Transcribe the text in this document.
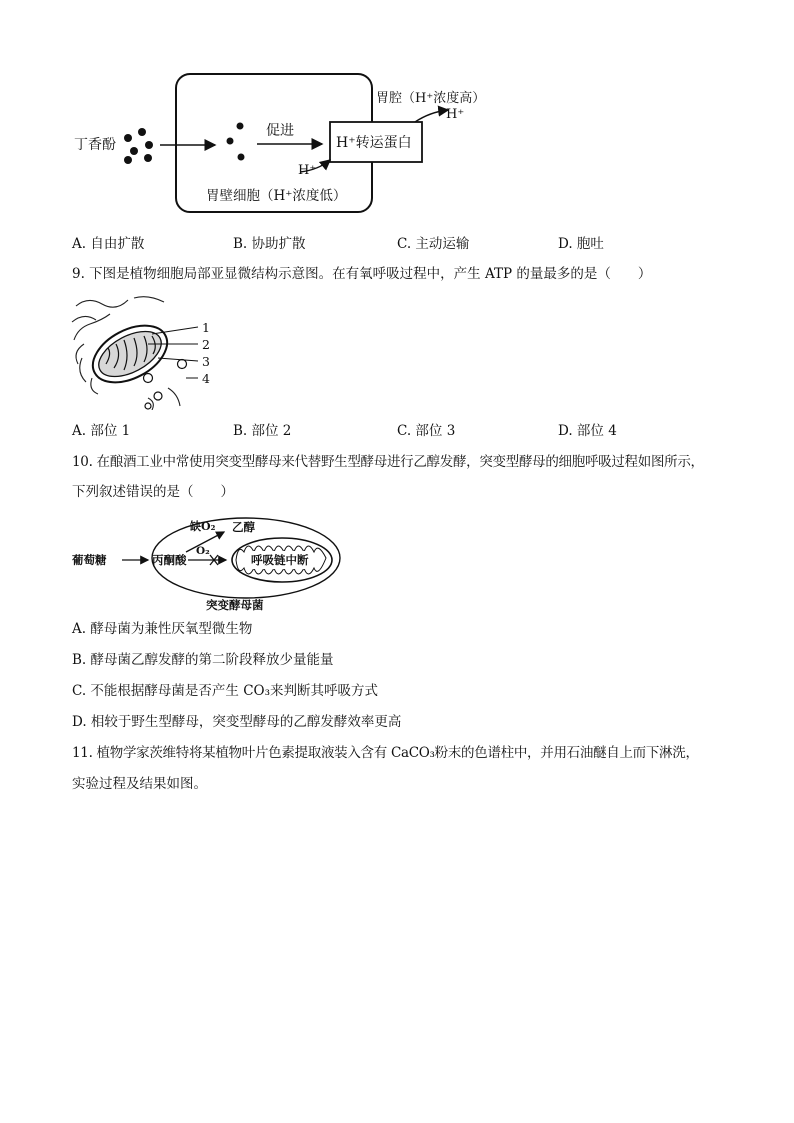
丁香酚
促进
H⁺转运蛋白
胃腔（H⁺浓度高）
H⁺
H⁺
胃壁细胞（H⁺浓度低）
A. 自由扩散	B. 协助扩散	C. 主动运输	D. 胞吐
9. 下图是植物细胞局部亚显微结构示意图。在有氧呼吸过程中，产生 ATP 的量最多的是（　　）
1
2
3
4
A. 部位 1	B. 部位 2	C. 部位 3	D. 部位 4
10. 在酿酒工业中常使用突变型酵母来代替野生型酵母进行乙醇发酵，突变型酵母的细胞呼吸过程如图所示，
下列叙述错误的是（　　）
葡萄糖	丙酮酸
缺O₂ 乙醇
O₂
呼吸链中断
突变酵母菌
A. 酵母菌为兼性厌氧型微生物
B. 酵母菌乙醇发酵的第二阶段释放少量能量
C. 不能根据酵母菌是否产生 CO₃来判断其呼吸方式
D. 相较于野生型酵母，突变型酵母的乙醇发酵效率更高
11. 植物学家茨维特将某植物叶片色素提取液装入含有 CaCO₃粉末的色谱柱中，并用石油醚自上而下淋洗，
实验过程及结果如图。
